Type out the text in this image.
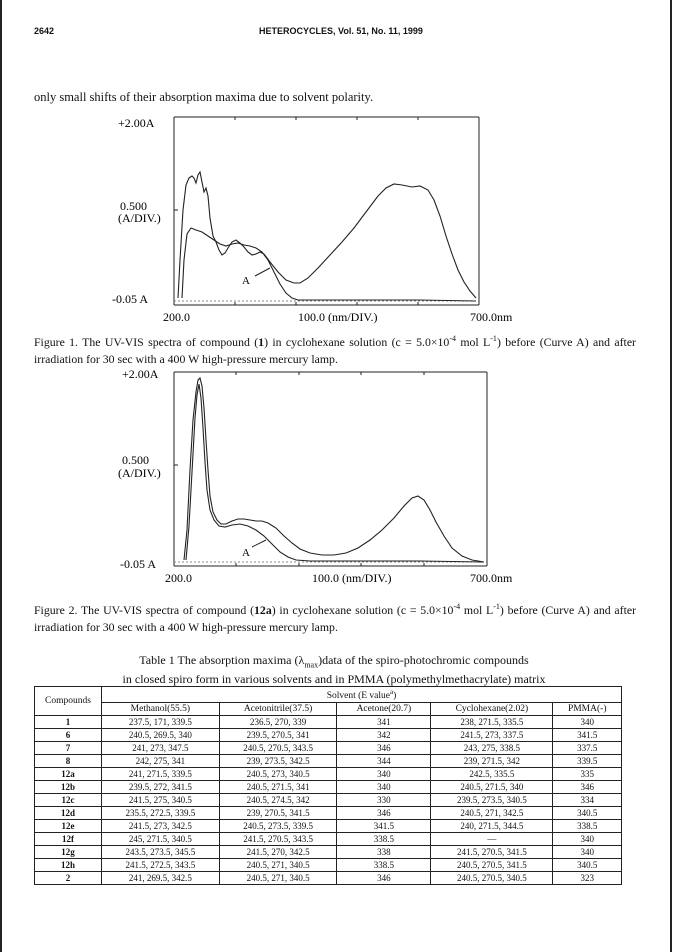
2642	HETEROCYCLES, Vol. 51, No. 11, 1999
only small shifts of their absorption maxima due to solvent polarity.
+2.00A
0.500
(A/DIV.)
-0.05 A
200.0	100.0 (nm/DIV.)	700.0nm
A
Figure 1. The UV-VIS spectra of compound (1) in cyclohexane solution ($c = 5.0\times 10^{-4}$ mol $L^{-1}$) before (Curve A) and after irradiation for 30 sec with a 400 W high-pressure mercury lamp.
+2.00A
0.500
(A/DIV.)
-0.05 A
200.0	100.0 (nm/DIV.)	700.0nm
A
Figure 2. The UV-VIS spectra of compound (12a) in cyclohexane solution ($c = 5.0\times 10^{-4}$ mol $L^{-1}$) before (Curve A) and after irradiation for 30 sec with a 400 W high-pressure mercury lamp.
Table 1 The absorption maxima $(\lambda_{max})data$ of the spiro-photochromic compounds
in closed spiro form in various solvents and in PMMA (polymethylmethacrylate) matrix
Compounds	Solvent (E value$^a$)				
	Methanol(55.5)	Acetonitrile(37.5)	Acetone(20.7)	Cyclohexane(2.02)	PMMA(-)
1	237.5, 171, 339.5	236.5, 270, 339	341	238, 271.5, 335.5	340
6	240.5, 269.5, 340	239.5, 270.5, 341	342	241.5, 273, 337.5	341.5
7	241, 273, 347.5	240.5, 270.5, 343.5	346	243, 275, 338.5	337.5
8	242, 275, 341	239, 273.5, 342.5	344	239, 271.5, 342	339.5
12a	241, 271.5, 339.5	240.5, 273, 340.5	340	242.5, 335.5	335
12b	239.5, 272, 341.5	240.5, 271.5, 341	340	240.5, 271.5, 340	346
12c	241.5, 275, 340.5	240.5, 274.5, 342	330	239.5, 273.5, 340.5	334
12d	235.5, 272.5, 339.5	239, 270.5, 341.5	346	240.5, 271, 342.5	340.5
12e	241.5, 273, 342.5	240.5, 273.5, 339.5	341.5	240, 271.5, 344.5	338.5
12f	245, 271.5, 340.5	241.5, 270.5, 343.5	338.5	—	340
12g	243.5, 273.5, 345.5	241.5, 270, 342.5	338	241.5, 270.5, 341.5	340
12h	241.5, 272.5, 343.5	240.5, 271, 340.5	338.5	240.5, 270.5, 341.5	340.5
2	241, 269.5, 342.5	240.5, 271, 340.5	346	240.5, 270.5, 340.5	323
